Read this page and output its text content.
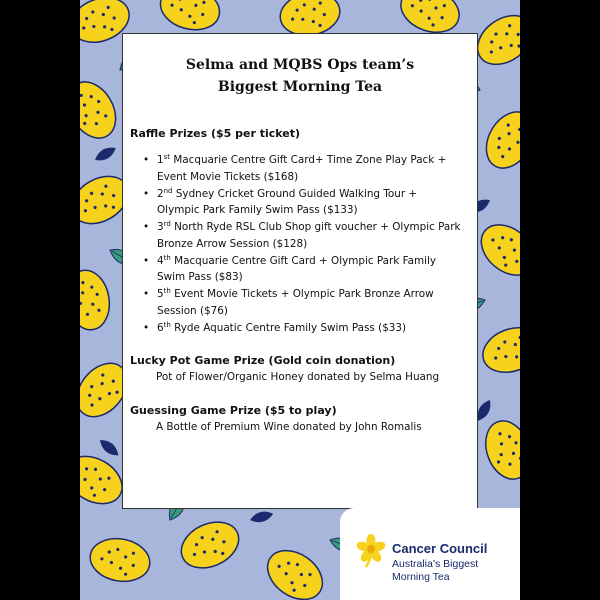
Selma and MQBS Ops team’s
Biggest Morning Tea
Raffle Prizes ($5 per ticket)
• 1st Macquarie Centre Gift Card+ Time Zone Play Pack +
Event Movie Tickets ($168)
• 2nd Sydney Cricket Ground Guided Walking Tour +
Olympic Park Family Swim Pass ($133)
• 3rd North Ryde RSL Club Shop gift voucher + Olympic Park
Bronze Arrow Session ($128)
• 4th Macquarie Centre Gift Card + Olympic Park Family
Swim Pass ($83)
• 5th Event Movie Tickets + Olympic Park Bronze Arrow
Session ($76)
• 6th Ryde Aquatic Centre Family Swim Pass ($33)
Lucky Pot Game Prize (Gold coin donation)
Pot of Flower/Organic Honey donated by Selma Huang
Guessing Game Prize ($5 to play)
A Bottle of Premium Wine donated by John Romalis
Cancer Council
Australia’s Biggest
Morning Tea
